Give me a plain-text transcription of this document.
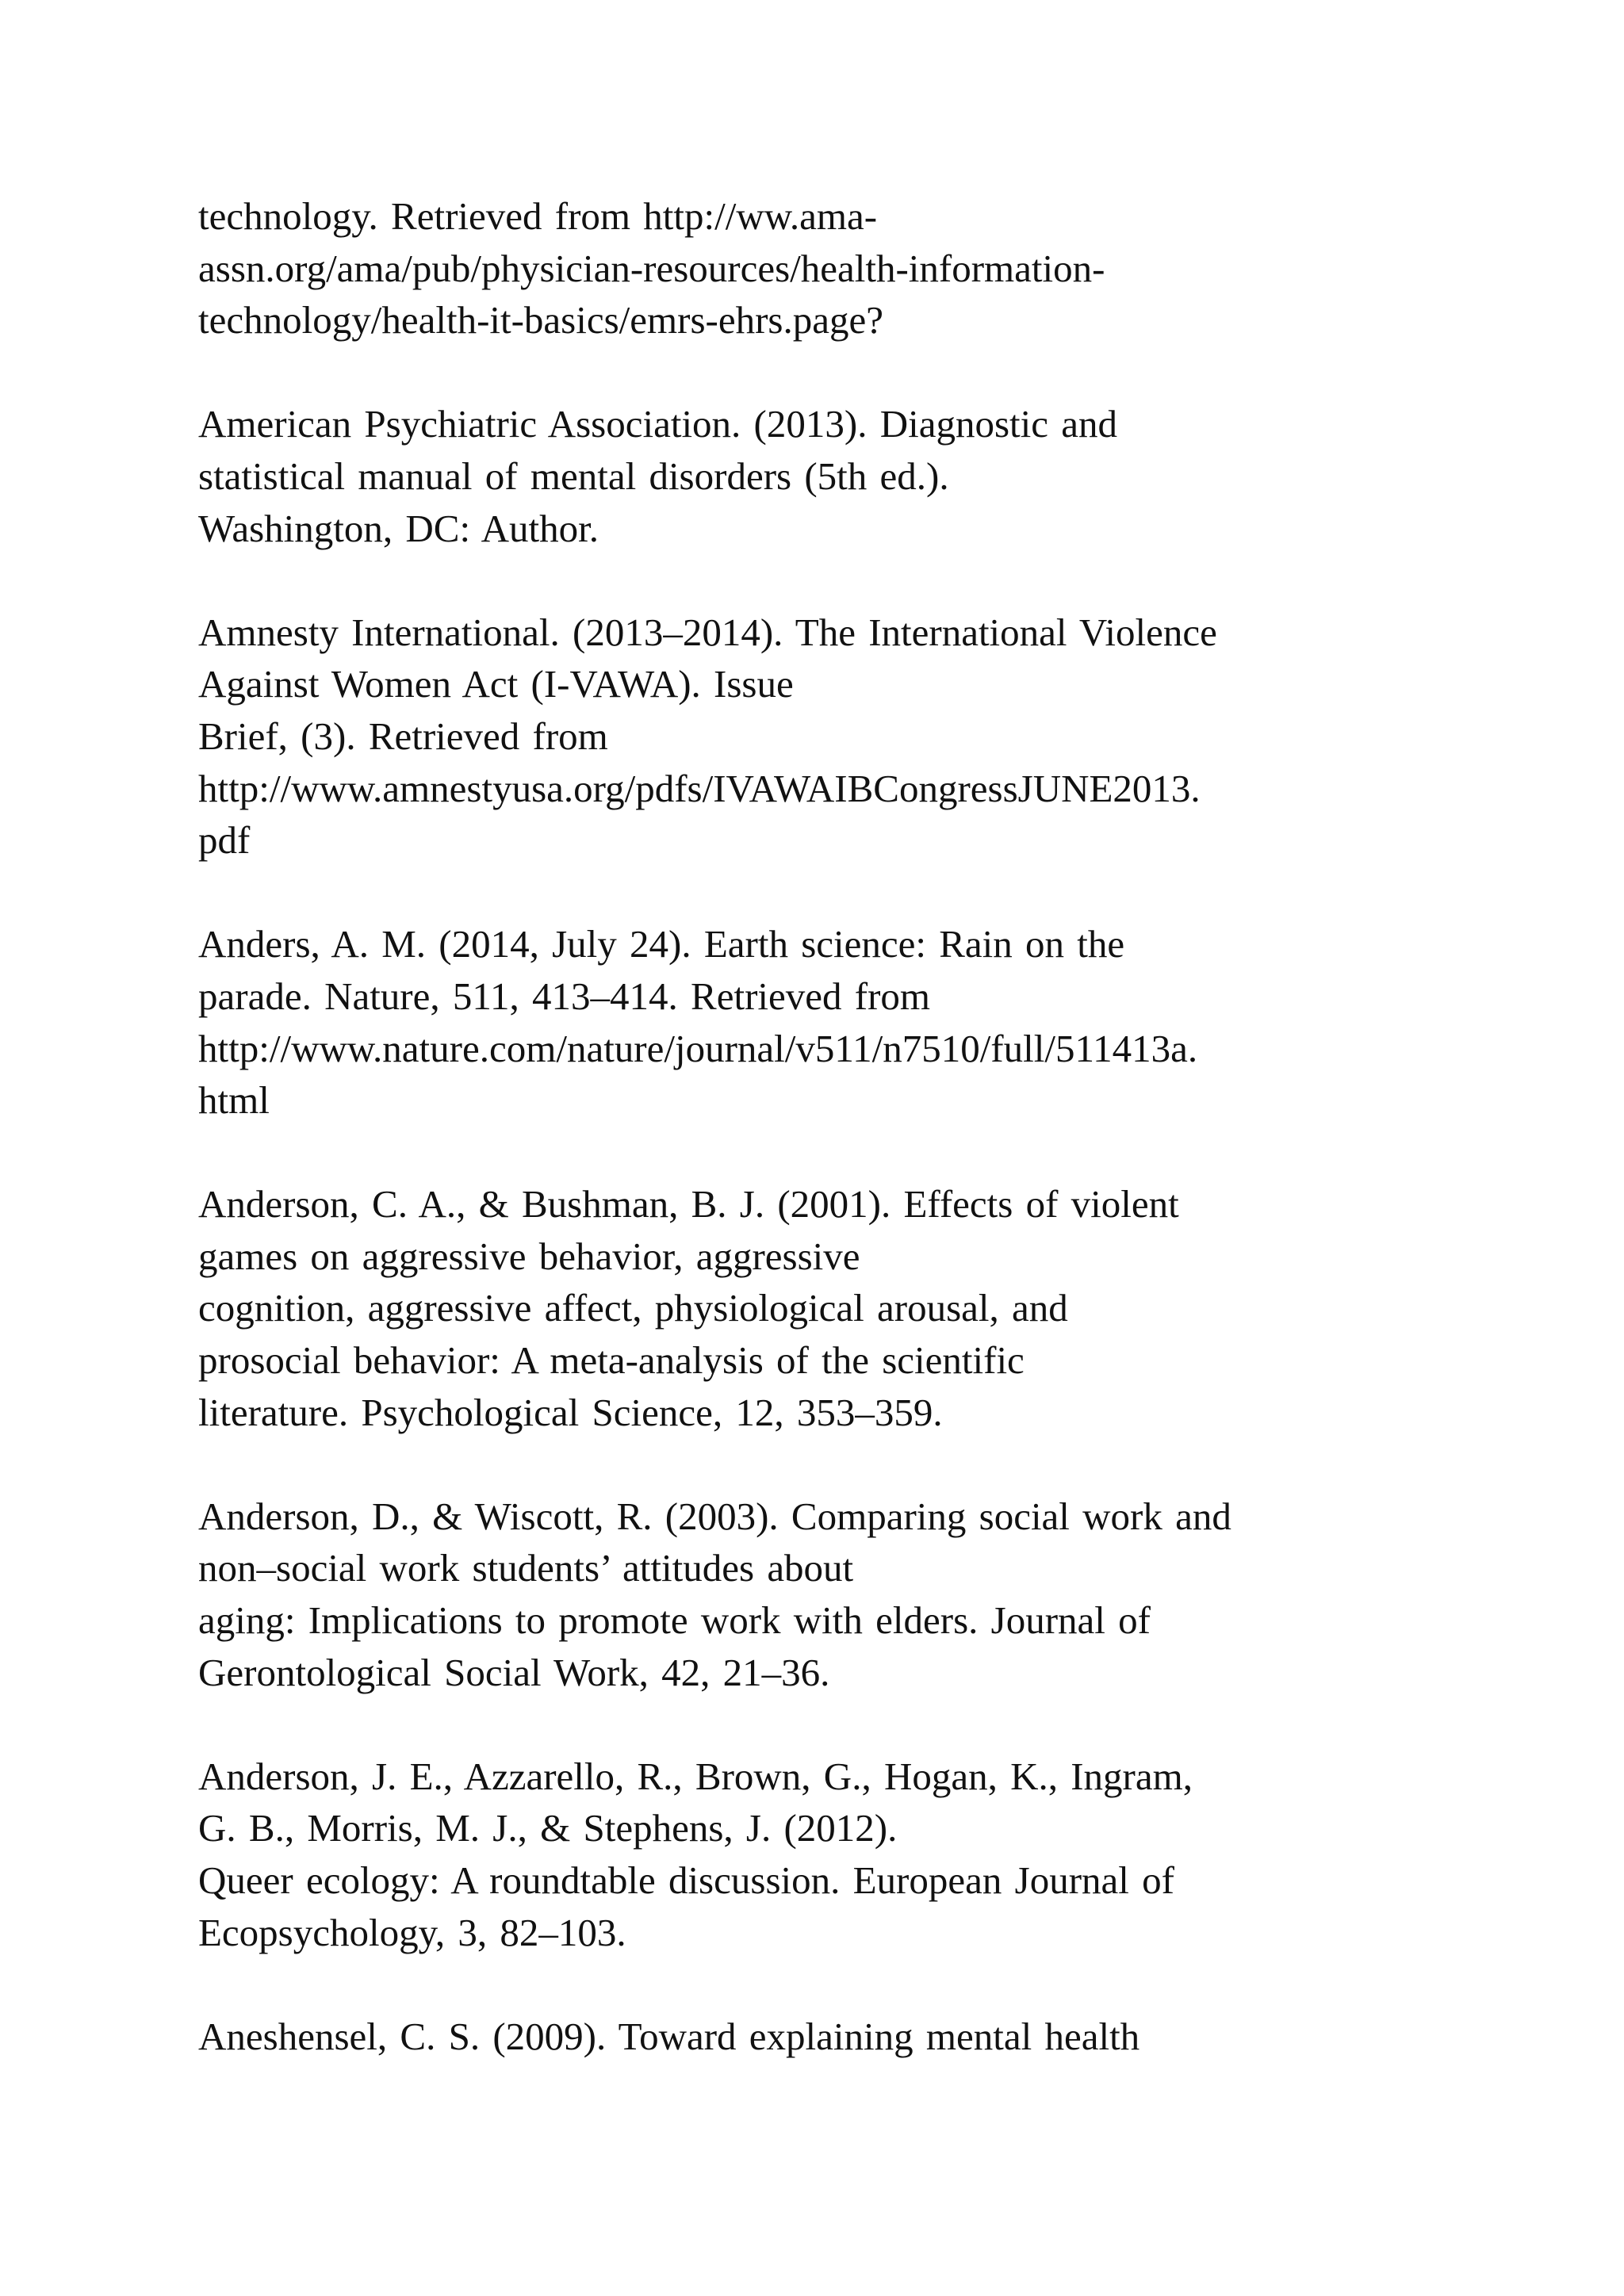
technology. Retrieved from http://ww.ama-
assn.org/ama/pub/physician-resources/health-information-
technology/health-it-basics/emrs-ehrs.page?
American Psychiatric Association. (2013). Diagnostic and
statistical manual of mental disorders (5th ed.).
Washington, DC: Author.
Amnesty International. (2013–2014). The International Violence
Against Women Act (I-VAWA). Issue
Brief, (3). Retrieved from
http://www.amnestyusa.org/pdfs/IVAWAIBCongressJUNE2013.
pdf
Anders, A. M. (2014, July 24). Earth science: Rain on the
parade. Nature, 511, 413–414. Retrieved from
http://www.nature.com/nature/journal/v511/n7510/full/511413a.
html
Anderson, C. A., & Bushman, B. J. (2001). Effects of violent
games on aggressive behavior, aggressive
cognition, aggressive affect, physiological arousal, and
prosocial behavior: A meta-analysis of the scientific
literature. Psychological Science, 12, 353–359.
Anderson, D., & Wiscott, R. (2003). Comparing social work and
non–social work students’ attitudes about
aging: Implications to promote work with elders. Journal of
Gerontological Social Work, 42, 21–36.
Anderson, J. E., Azzarello, R., Brown, G., Hogan, K., Ingram,
G. B., Morris, M. J., & Stephens, J. (2012).
Queer ecology: A roundtable discussion. European Journal of
Ecopsychology, 3, 82–103.
Aneshensel, C. S. (2009). Toward explaining mental health
